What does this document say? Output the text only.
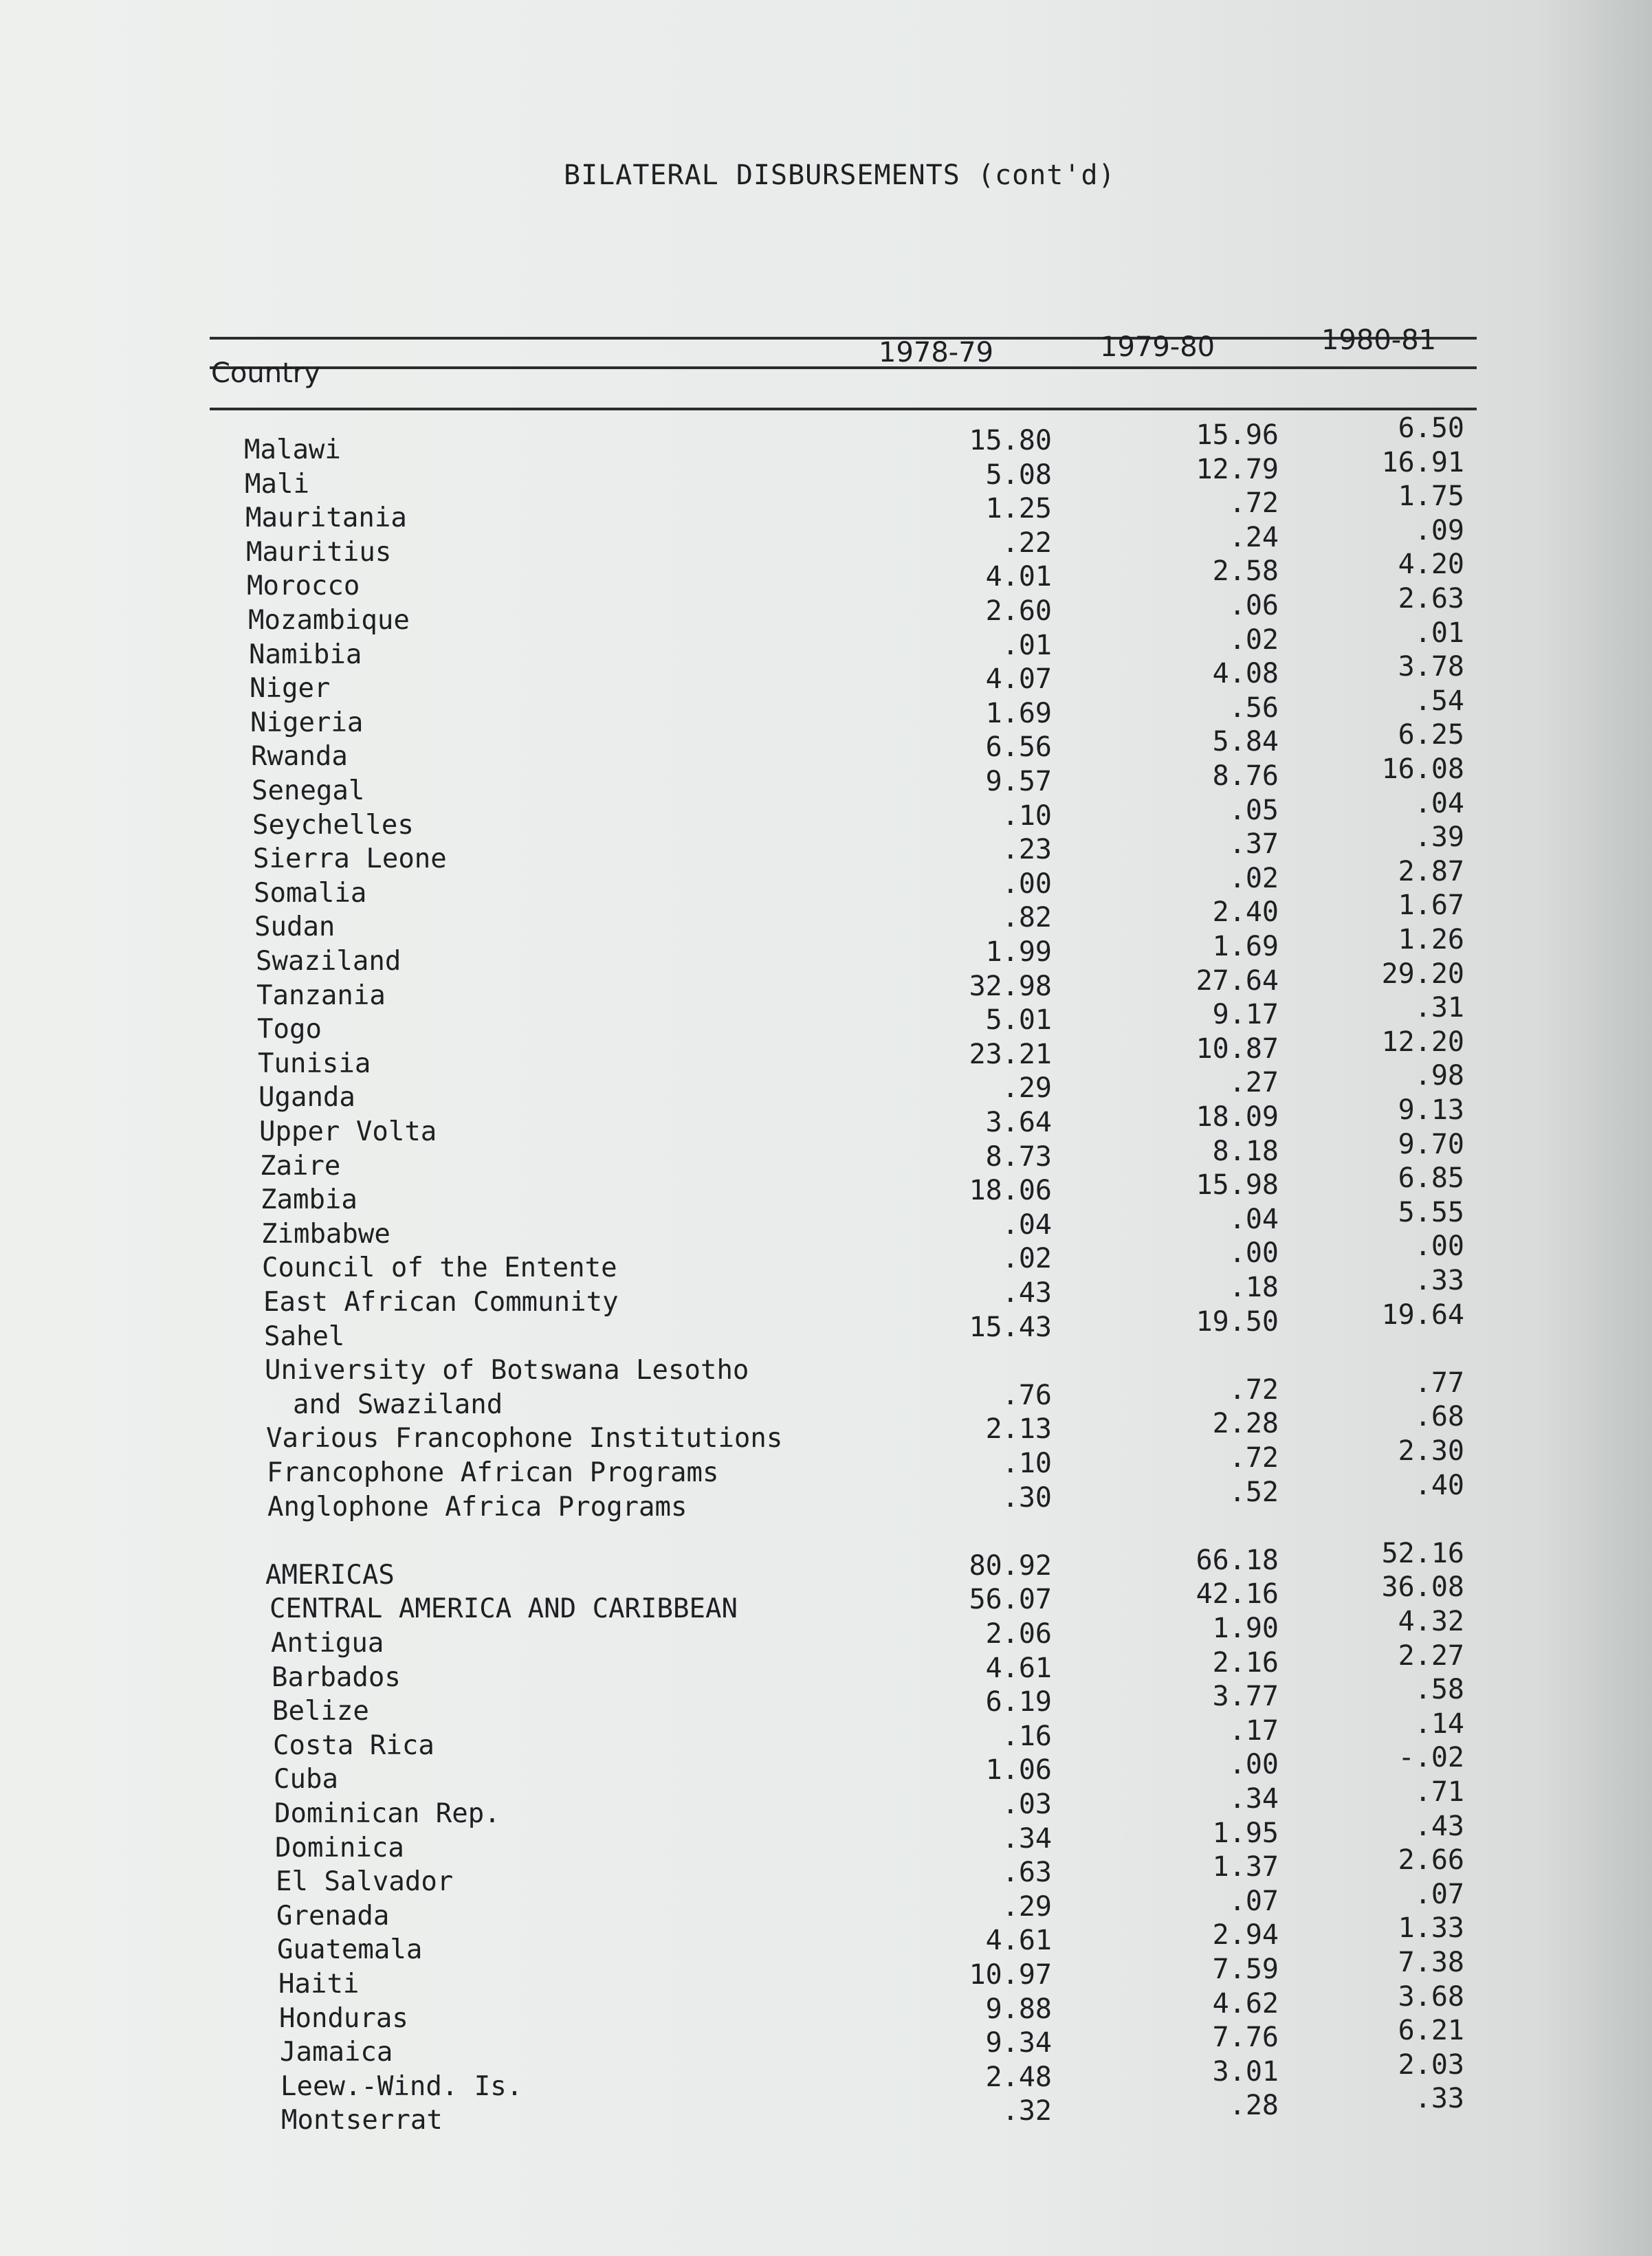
BILATERAL DISBURSEMENTS (cont'd)
Country
1978-79	1979-80	1980-81
Malawi	15.80	15.96	6.50
Mali	5.08	12.79	16.91
Mauritania	1.25	.72	1.75
Mauritius	.22	.24	.09
Morocco	4.01	2.58	4.20
Mozambique	2.60	.06	2.63
Namibia	.01	.02	.01
Niger	4.07	4.08	3.78
Nigeria	1.69	.56	.54
Rwanda	6.56	5.84	6.25
Senegal	9.57	8.76	16.08
Seychelles	.10	.05	.04
Sierra Leone	.23	.37	.39
Somalia	.00	.02	2.87
Sudan	.82	2.40	1.67
Swaziland	1.99	1.69	1.26
Tanzania	32.98	27.64	29.20
Togo	5.01	9.17	.31
Tunisia	23.21	10.87	12.20
Uganda	.29	.27	.98
Upper Volta	3.64	18.09	9.13
Zaire	8.73	8.18	9.70
Zambia	18.06	15.98	6.85
Zimbabwe	.04	.04	5.55
Council of the Entente	.02	.00	.00
East African Community	.43	.18	.33
Sahel	15.43	19.50	19.64
University of Botswana Lesotho
and Swaziland	.76	.72	.77
Various Francophone Institutions	2.13	2.28	.68
Francophone African Programs	.10	.72	2.30
Anglophone Africa Programs	.30	.52	.40
AMERICAS	80.92	66.18	52.16
CENTRAL AMERICA AND CARIBBEAN	56.07	42.16	36.08
Antigua	2.06	1.90	4.32
Barbados	4.61	2.16	2.27
Belize	6.19	3.77	.58
Costa Rica	.16	.17	.14
Cuba	1.06	.00	-.02
Dominican Rep.	.03	.34	.71
Dominica	.34	1.95	.43
El Salvador	.63	1.37	2.66
Grenada	.29	.07	.07
Guatemala	4.61	2.94	1.33
Haiti	10.97	7.59	7.38
Honduras	9.88	4.62	3.68
Jamaica	9.34	7.76	6.21
Leew.-Wind. Is.	2.48	3.01	2.03
Montserrat	.32	.28	.33
